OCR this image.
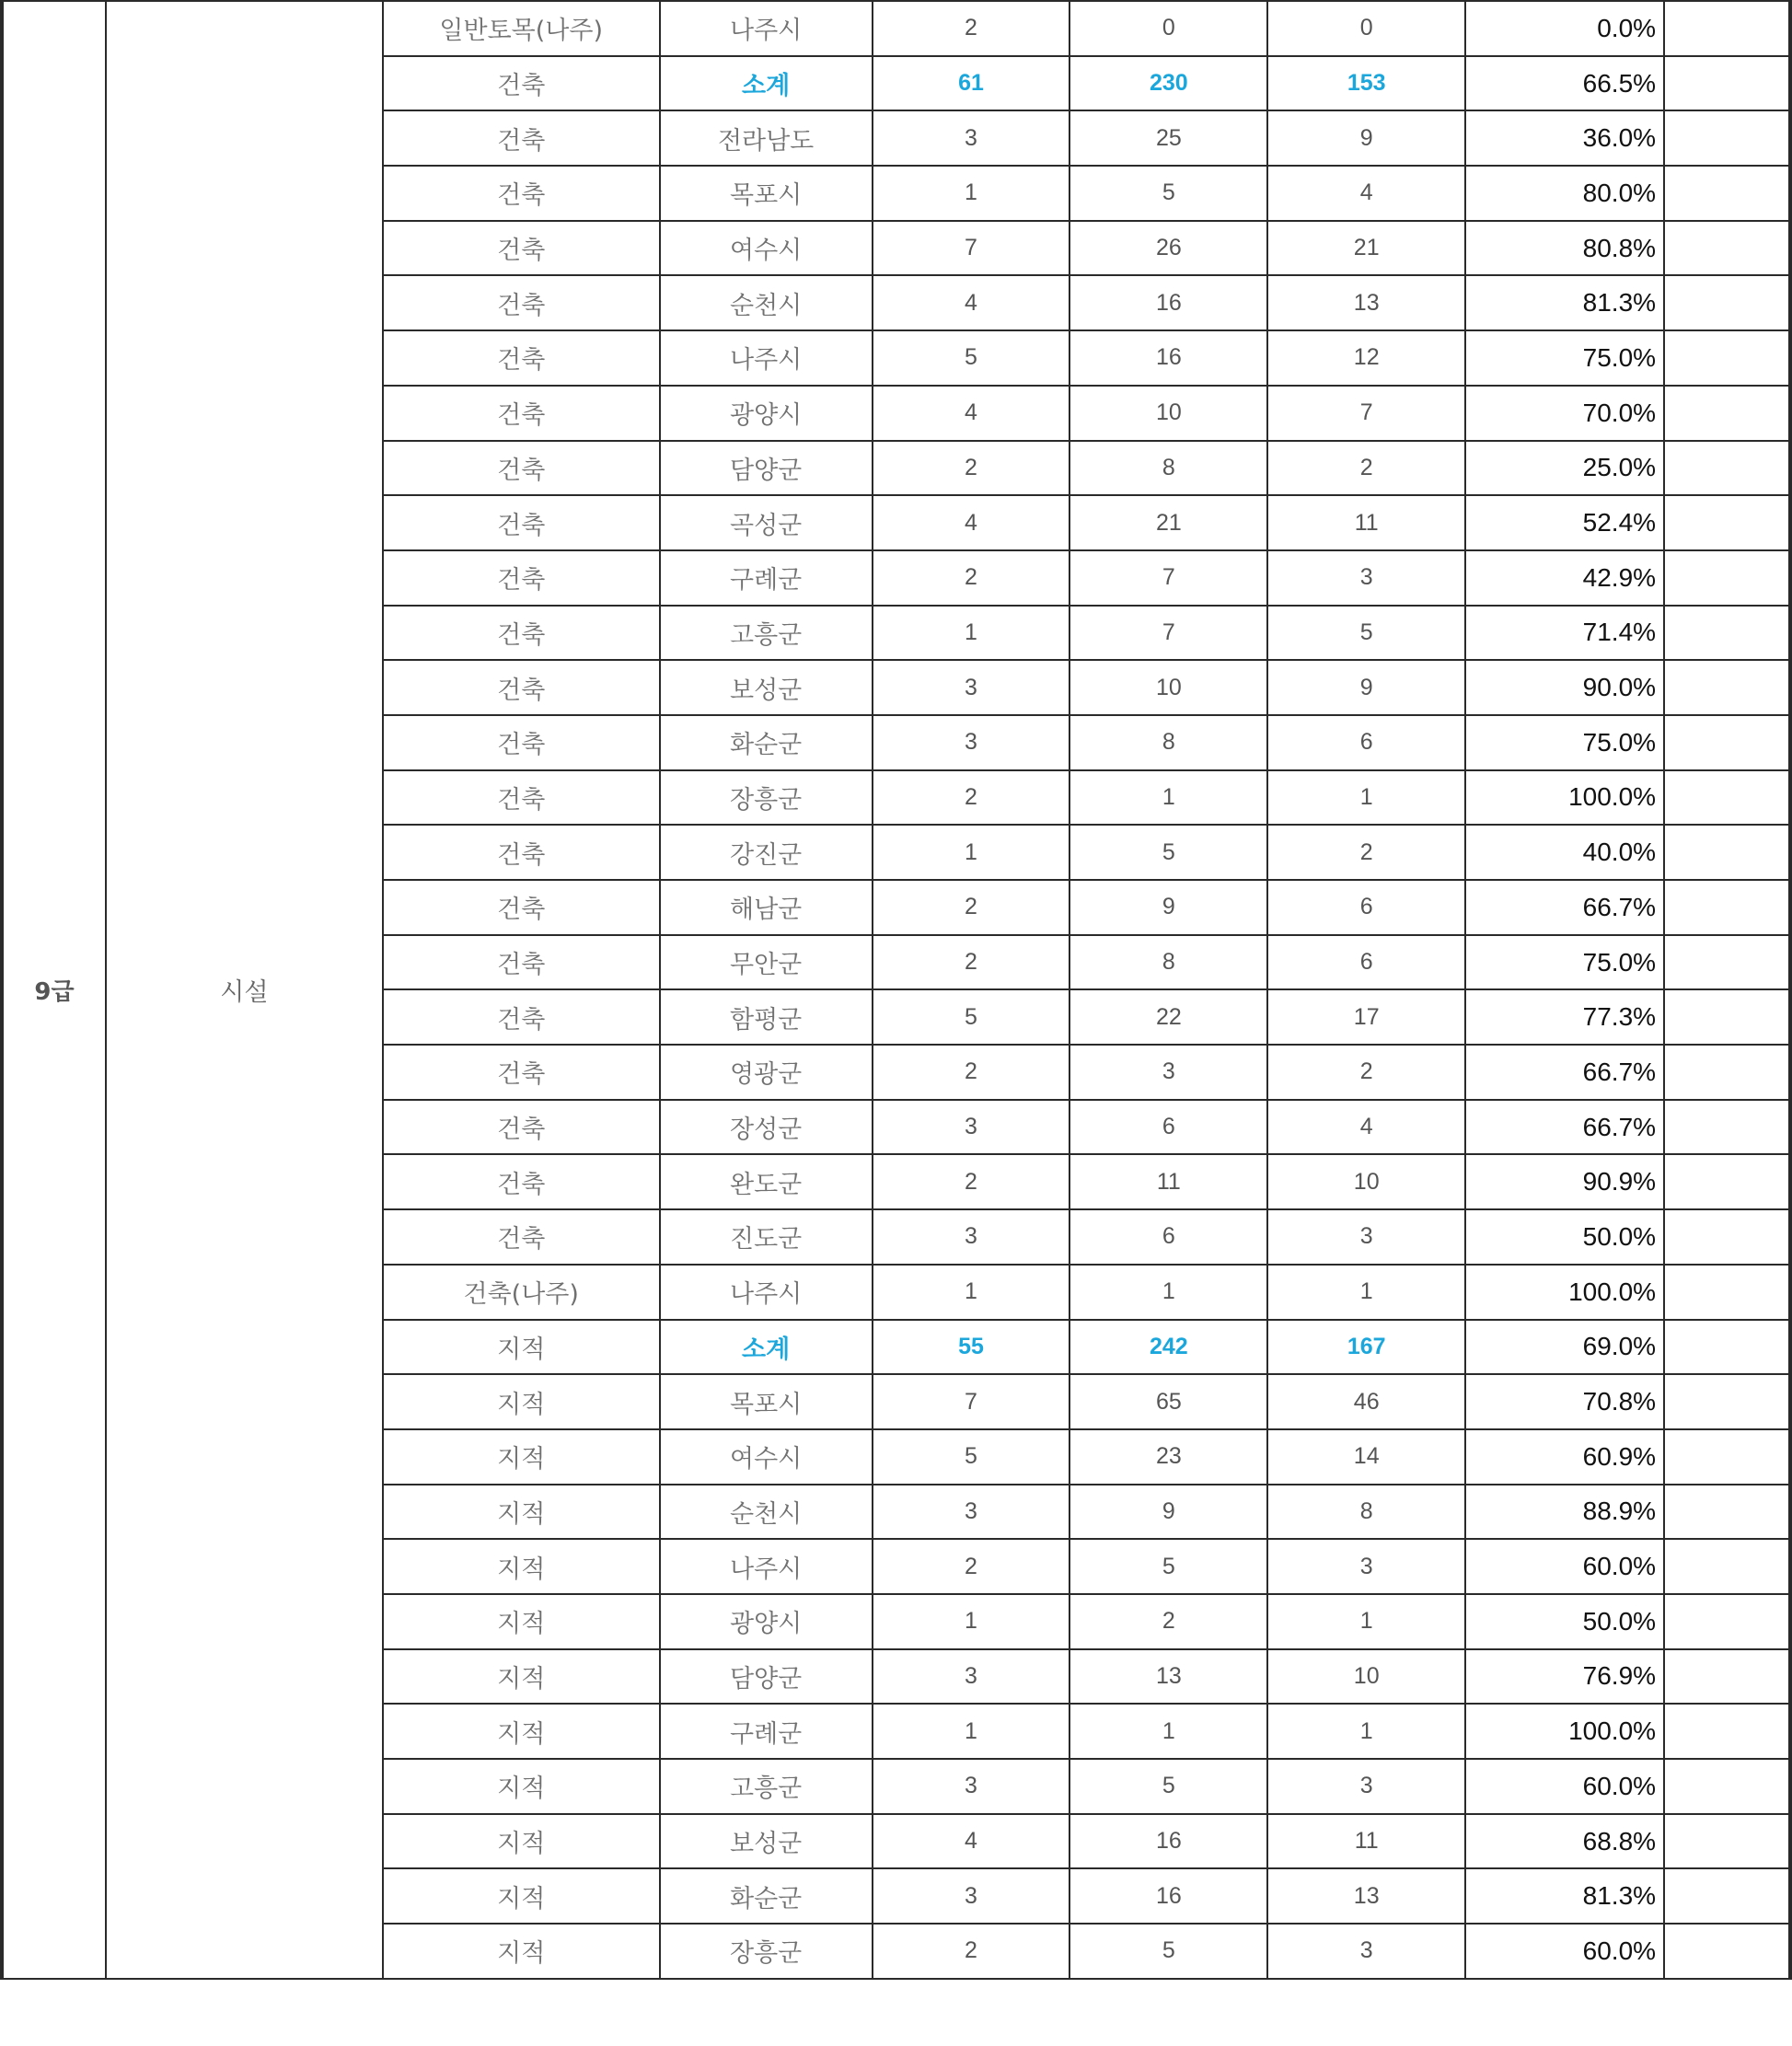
9급	시설	일반토목(나주)	나주시	2	0	0	0.0%	
		건축	소계	61	230	153	66.5%	
		건축	전라남도	3	25	9	36.0%	
		건축	목포시	1	5	4	80.0%	
		건축	여수시	7	26	21	80.8%	
		건축	순천시	4	16	13	81.3%	
		건축	나주시	5	16	12	75.0%	
		건축	광양시	4	10	7	70.0%	
		건축	담양군	2	8	2	25.0%	
		건축	곡성군	4	21	11	52.4%	
		건축	구례군	2	7	3	42.9%	
		건축	고흥군	1	7	5	71.4%	
		건축	보성군	3	10	9	90.0%	
		건축	화순군	3	8	6	75.0%	
		건축	장흥군	2	1	1	100.0%	
		건축	강진군	1	5	2	40.0%	
		건축	해남군	2	9	6	66.7%	
		건축	무안군	2	8	6	75.0%	
		건축	함평군	5	22	17	77.3%	
		건축	영광군	2	3	2	66.7%	
		건축	장성군	3	6	4	66.7%	
		건축	완도군	2	11	10	90.9%	
		건축	진도군	3	6	3	50.0%	
		건축(나주)	나주시	1	1	1	100.0%	
		지적	소계	55	242	167	69.0%	
		지적	목포시	7	65	46	70.8%	
		지적	여수시	5	23	14	60.9%	
		지적	순천시	3	9	8	88.9%	
		지적	나주시	2	5	3	60.0%	
		지적	광양시	1	2	1	50.0%	
		지적	담양군	3	13	10	76.9%	
		지적	구례군	1	1	1	100.0%	
		지적	고흥군	3	5	3	60.0%	
		지적	보성군	4	16	11	68.8%	
		지적	화순군	3	16	13	81.3%	
		지적	장흥군	2	5	3	60.0%	
